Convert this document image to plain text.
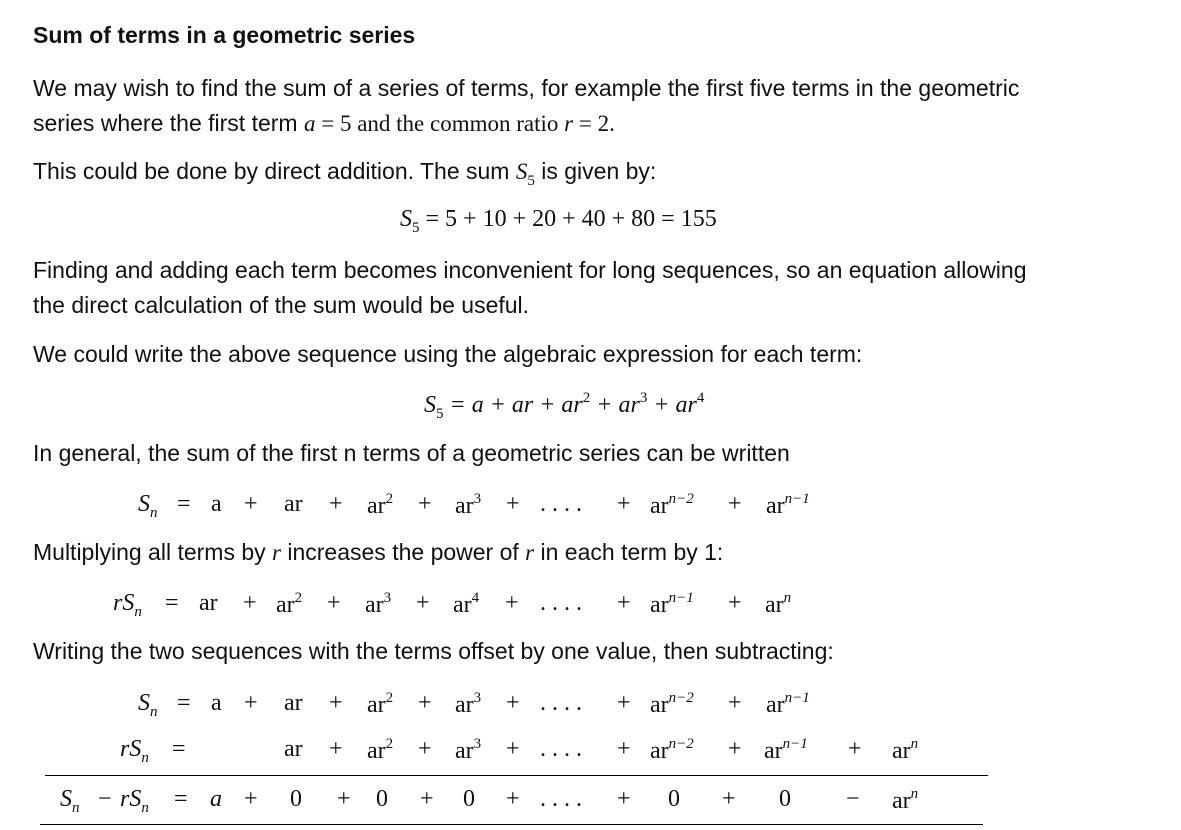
Sum of terms in a geometric series

We may wish to find the sum of a series of terms, for example the first five terms in the geometric

series where the first term a = 5 and the common ratio r = 2.

This could be done by direct addition. The sum $S_5$ is given by:

$S_5 = 5 + 10 + 20 + 40 + 80 = 155$

Finding and adding each term becomes inconvenient for long sequences, so an equation allowing

the direct calculation of the sum would be useful.

We could write the above sequence using the algebraic expression for each term:

$S_5 = a$ + ar + $ar^2 + ar^3 + ar^4$

In general, the sum of the first n terms of a geometric series can be written

$S_n = a$ + ar + $ar^2 + ar^3$ + . . . . + $ar^{n-2} + ar^{n-1}$

Multiplying all terms by r increases the power of r in each term by 1:

$rS_n$ = ar + $ar^2 + ar^3 + ar^4$ + . . . . + $ar^{n-1} + ar^n$

Writing the two sequences with the terms offset by one value, then subtracting:

$S_n = a$ + ar + $ar^2 + ar^3$ + . . . . + $ar^{n-2} + ar^{n-1}$
$rS_n$ =	ar + $ar^2 + ar^3$ + . . . . + $ar^{n-2} + ar^{n-1} + ar^n$
$S_n - rS_n = a + 0 + 0 + 0$ + . . . . + $0 + 0 - ar^n$
